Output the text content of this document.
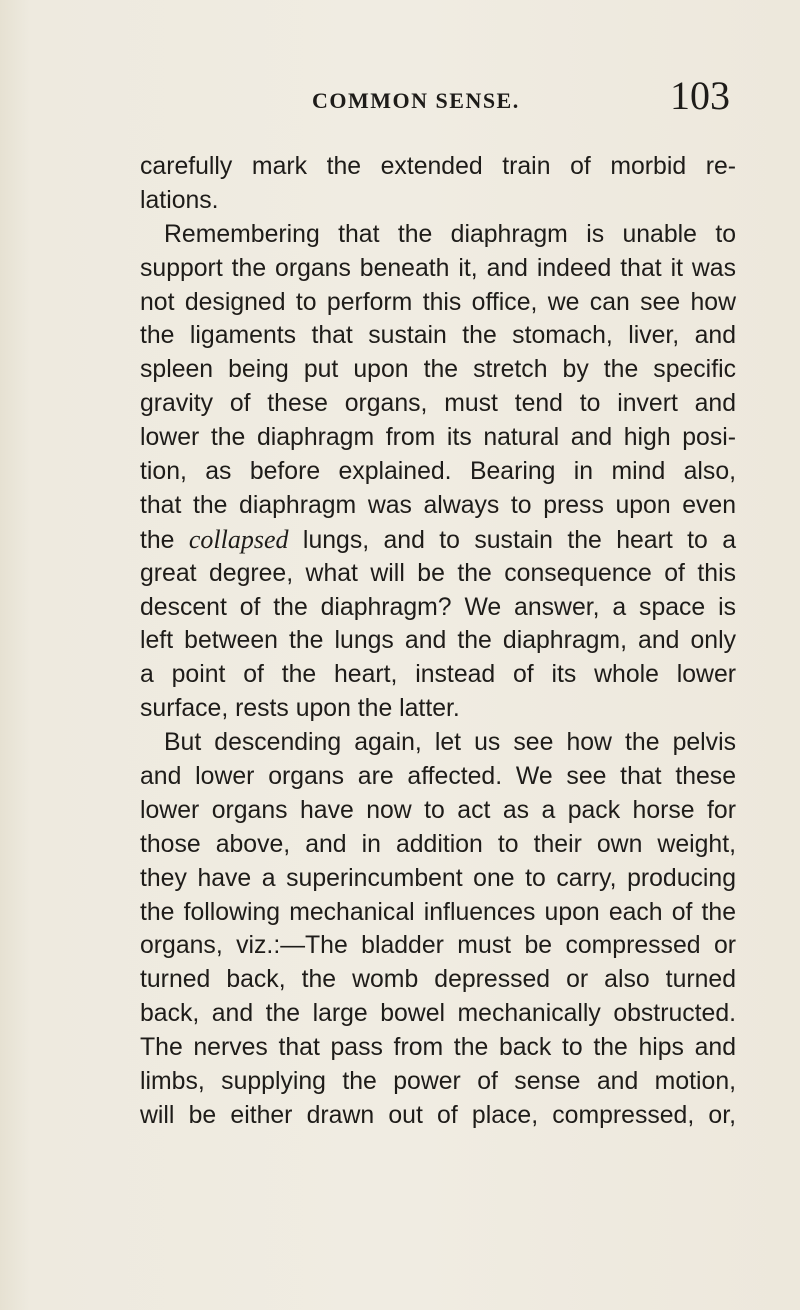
COMMON SENSE.	103
carefully mark the extended train of morbid re-
lations.
Remembering that the diaphragm is unable to
support the organs beneath it, and indeed that it was
not designed to perform this office, we can see how
the ligaments that sustain the stomach, liver, and
spleen being put upon the stretch by the specific
gravity of these organs, must tend to invert and
lower the diaphragm from its natural and high posi-
tion, as before explained. Bearing in mind also,
that the diaphragm was always to press upon even
the collapsed lungs, and to sustain the heart to a
great degree, what will be the consequence of this
descent of the diaphragm? We answer, a space is
left between the lungs and the diaphragm, and only
a point of the heart, instead of its whole lower
surface, rests upon the latter.
But descending again, let us see how the pelvis
and lower organs are affected. We see that these
lower organs have now to act as a pack horse for
those above, and in addition to their own weight,
they have a superincumbent one to carry, producing
the following mechanical influences upon each of the
organs, viz.:—The bladder must be compressed or
turned back, the womb depressed or also turned
back, and the large bowel mechanically obstructed.
The nerves that pass from the back to the hips and
limbs, supplying the power of sense and motion,
will be either drawn out of place, compressed, or,
